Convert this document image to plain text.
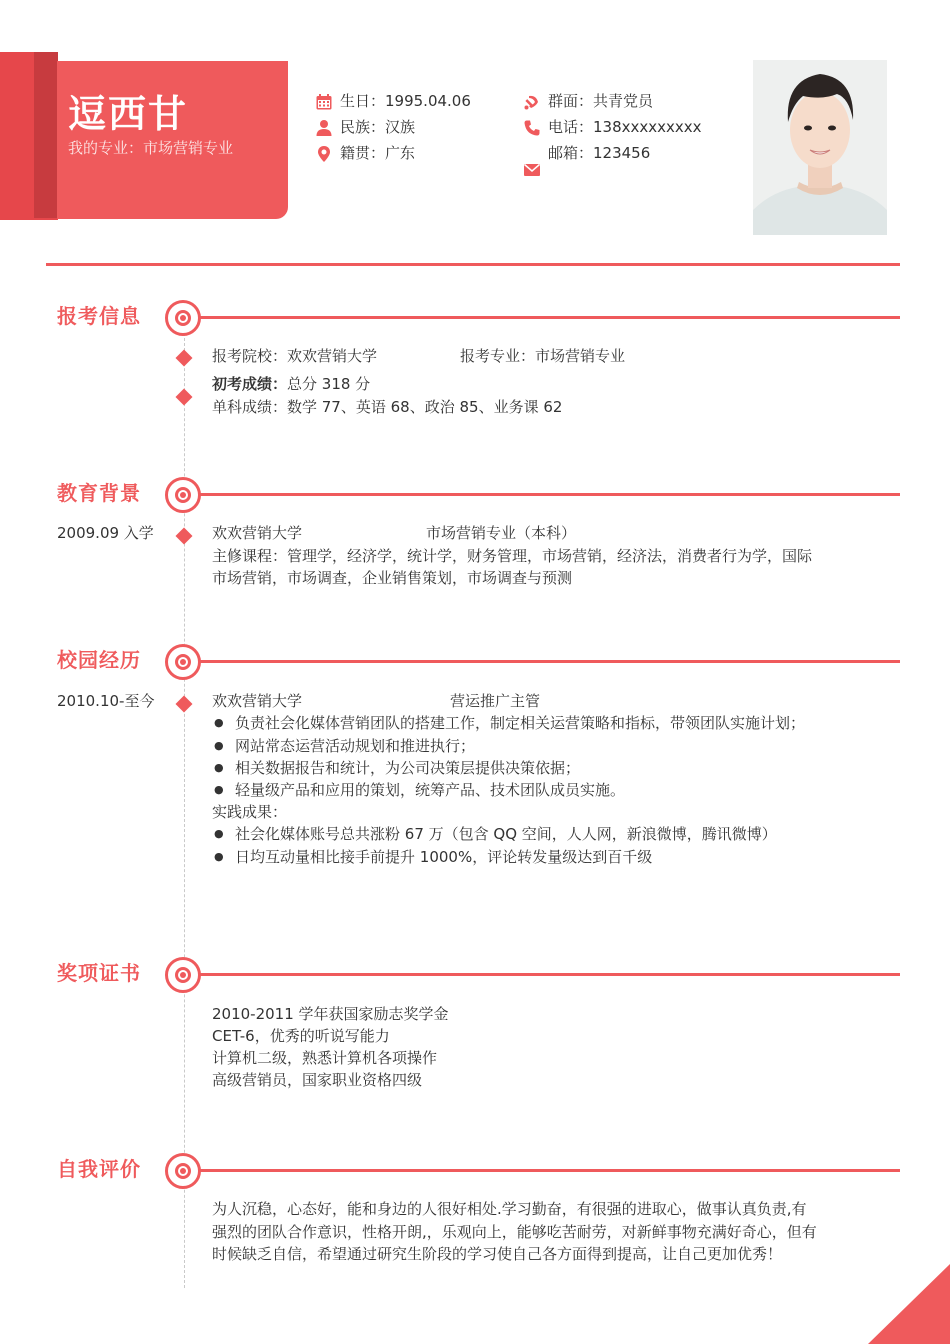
逗西甘
我的专业：市场营销专业
生日：1995.04.06
民族：汉族
籍贯：广东
群面：共青党员
电话：138xxxxxxxxx
邮箱：123456
报考信息
报考院校：欢欢营销大学	报考专业：市场营销专业
初考成绩：总分 318 分
单科成绩：数学 77、英语 68、政治 85、业务课 62
教育背景
2009.09 入学	欢欢营销大学	市场营销专业（本科）
主修课程：管理学，经济学，统计学，财务管理，市场营销，经济法，消费者行为学，国际
市场营销，市场调查，企业销售策划，市场调查与预测
校园经历
2010.10-至今	欢欢营销大学	营运推广主管
● 负责社会化媒体营销团队的搭建工作，制定相关运营策略和指标，带领团队实施计划；
● 网站常态运营活动规划和推进执行；
● 相关数据报告和统计，为公司决策层提供决策依据；
● 轻量级产品和应用的策划，统筹产品、技术团队成员实施。
实践成果：
● 社会化媒体账号总共涨粉 67 万（包含 QQ 空间，人人网，新浪微博，腾讯微博）
● 日均互动量相比接手前提升 1000%，评论转发量级达到百千级
奖项证书
2010-2011 学年获国家励志奖学金
CET-6，优秀的听说写能力
计算机二级，熟悉计算机各项操作
高级营销员，国家职业资格四级
自我评价
为人沉稳，心态好，能和身边的人很好相处.学习勤奋，有很强的进取心，做事认真负责,有
强烈的团队合作意识，性格开朗,，乐观向上，能够吃苦耐劳，对新鲜事物充满好奇心，但有
时候缺乏自信，希望通过研究生阶段的学习使自己各方面得到提高，让自己更加优秀！
